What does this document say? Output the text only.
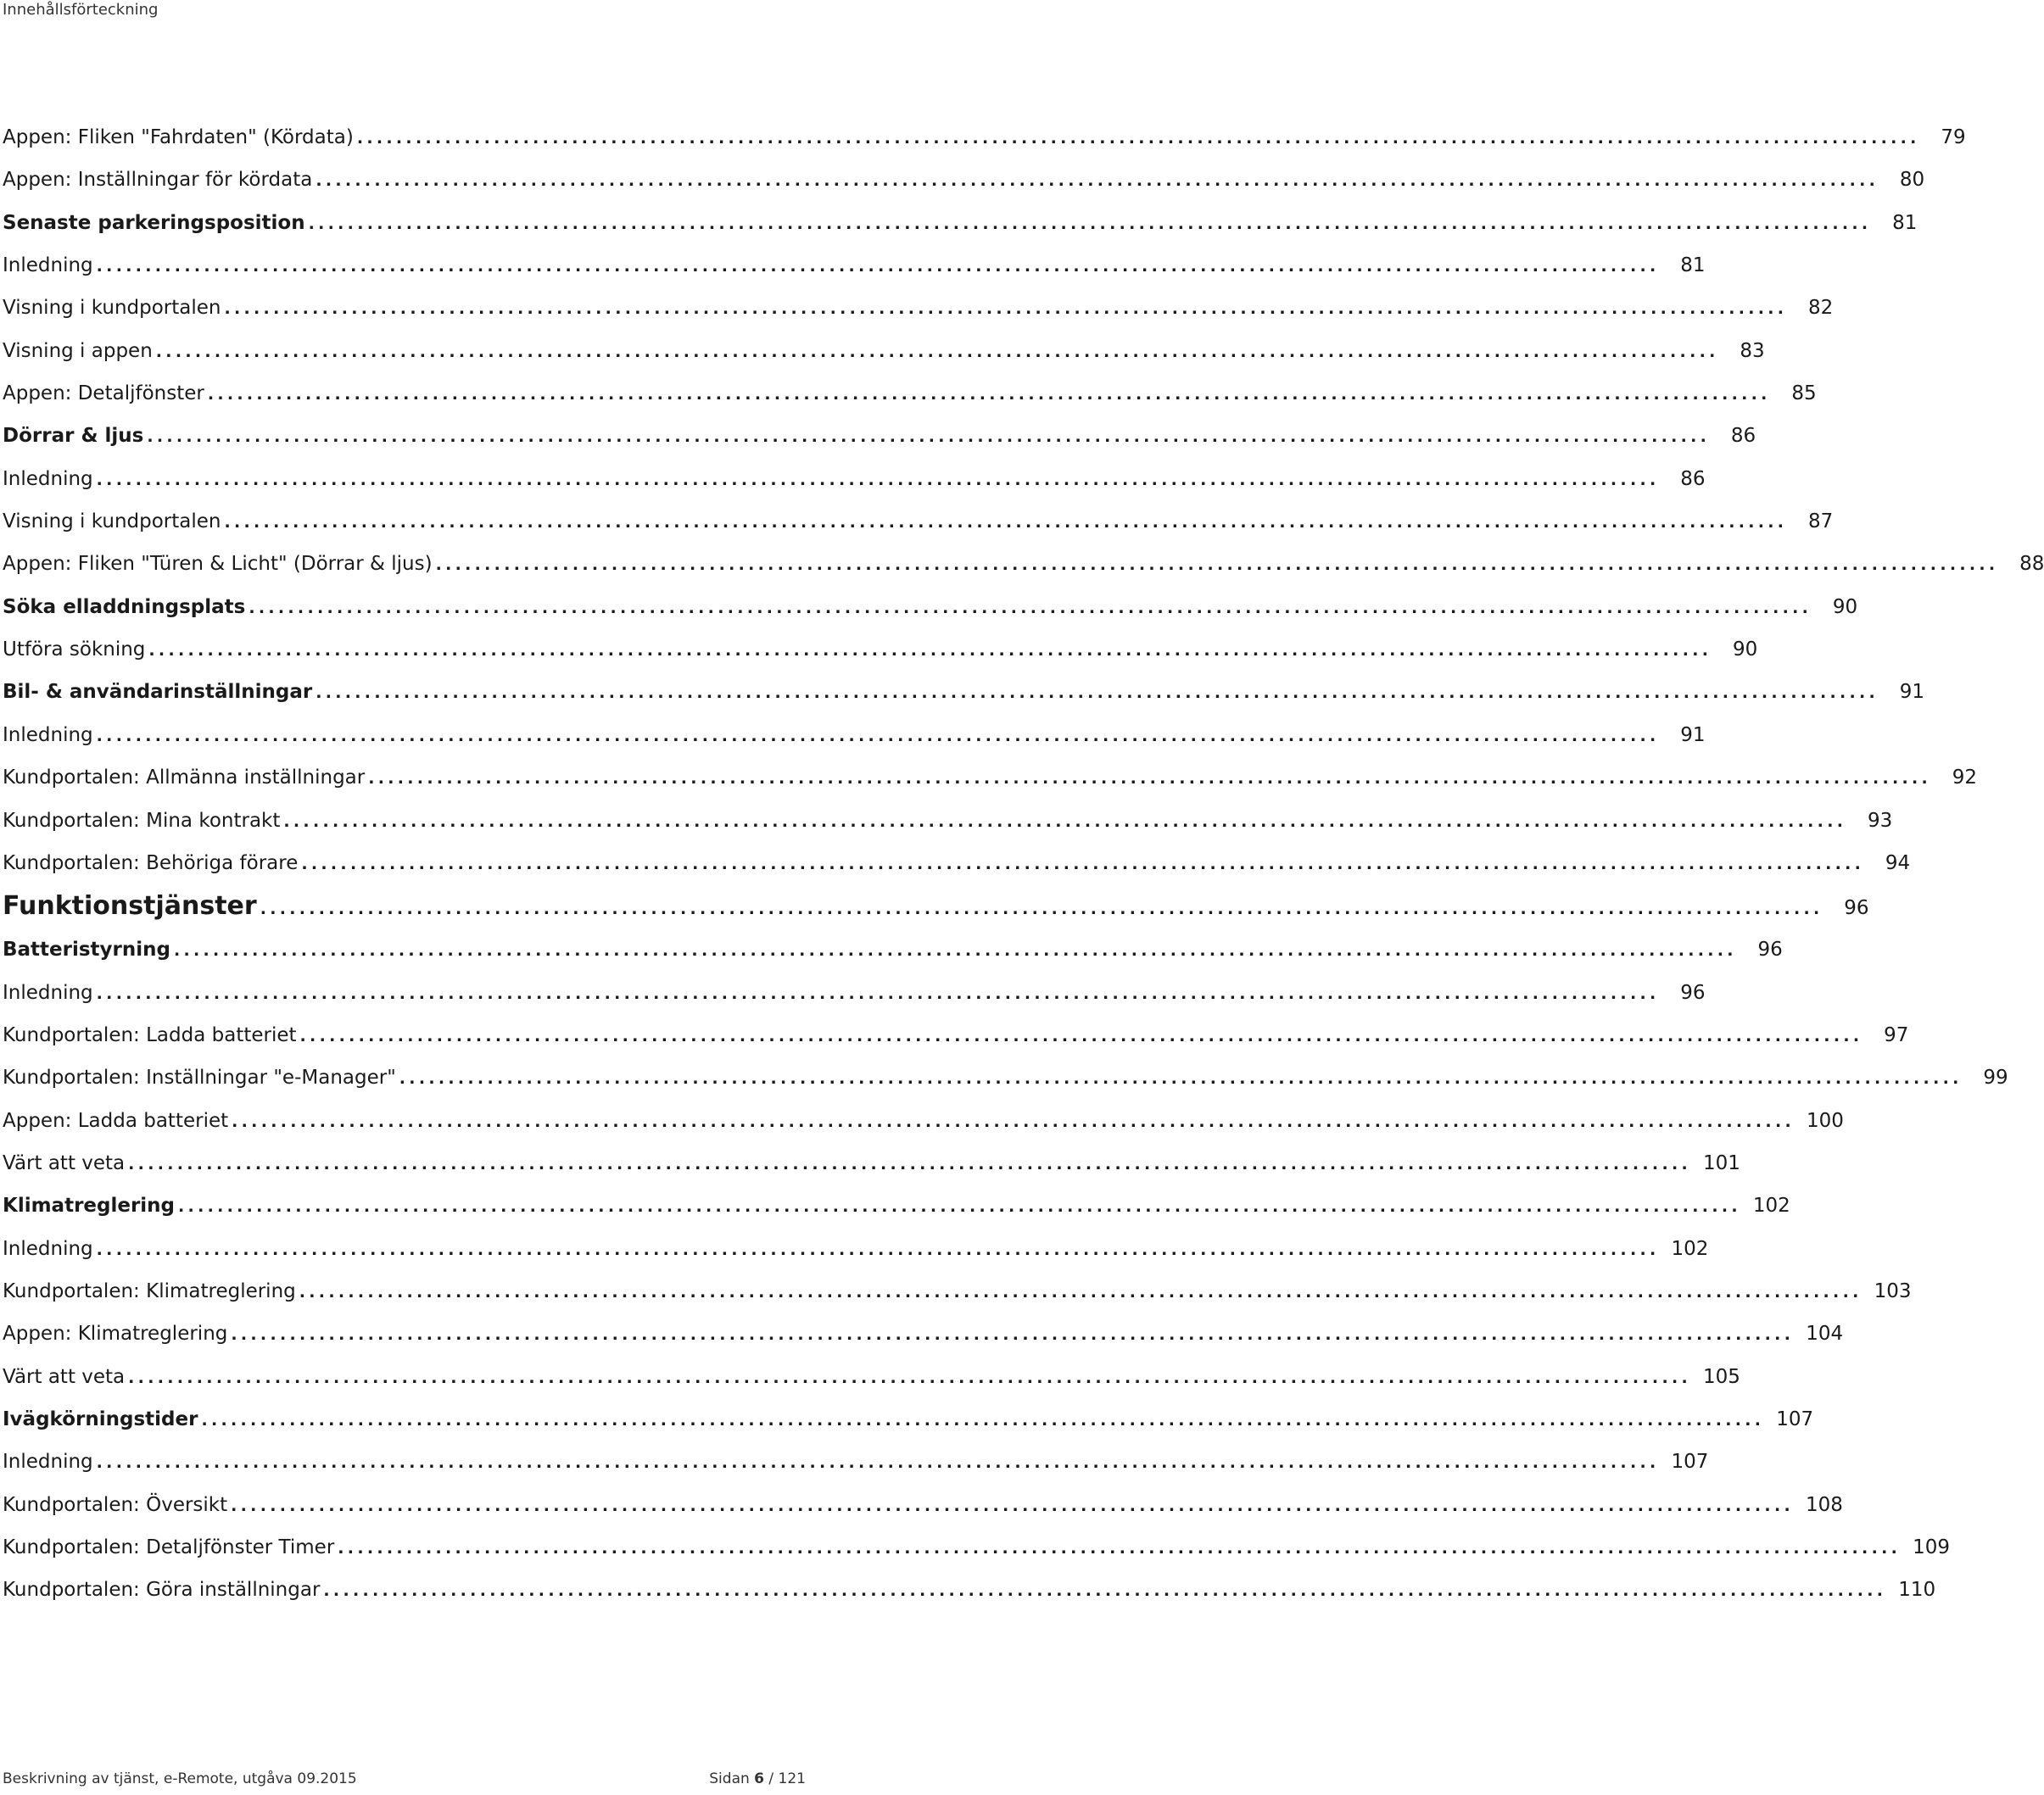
Innehållsförteckning
Appen: Fliken "Fahrdaten" (Kördata) ................................................................................................................................................................	79
Appen: Inställningar för kördata ................................................................................................................................................................	80
Senaste parkeringsposition ................................................................................................................................................................	81
Inledning ................................................................................................................................................................	81
Visning i kundportalen ................................................................................................................................................................	82
Visning i appen ................................................................................................................................................................	83
Appen: Detaljfönster ................................................................................................................................................................	85
Dörrar & ljus ................................................................................................................................................................	86
Inledning ................................................................................................................................................................	86
Visning i kundportalen ................................................................................................................................................................	87
Appen: Fliken "Türen & Licht" (Dörrar & ljus) ................................................................................................................................................................	88
Söka elladdningsplats ................................................................................................................................................................	90
Utföra sökning ................................................................................................................................................................	90
Bil- & användarinställningar ................................................................................................................................................................	91
Inledning ................................................................................................................................................................	91
Kundportalen: Allmänna inställningar ................................................................................................................................................................	92
Kundportalen: Mina kontrakt ................................................................................................................................................................	93
Kundportalen: Behöriga förare ................................................................................................................................................................	94
Funktionstjänster ................................................................................................................................................................	96
Batteristyrning ................................................................................................................................................................	96
Inledning ................................................................................................................................................................	96
Kundportalen: Ladda batteriet ................................................................................................................................................................	97
Kundportalen: Inställningar "e-Manager" ................................................................................................................................................................	99
Appen: Ladda batteriet ................................................................................................................................................................ 100
Värt att veta ................................................................................................................................................................ 101
Klimatreglering ................................................................................................................................................................ 102
Inledning ................................................................................................................................................................ 102
Kundportalen: Klimatreglering ................................................................................................................................................................ 103
Appen: Klimatreglering ................................................................................................................................................................ 104
Värt att veta ................................................................................................................................................................ 105
Ivägkörningstider ................................................................................................................................................................ 107
Inledning ................................................................................................................................................................ 107
Kundportalen: Översikt ................................................................................................................................................................ 108
Kundportalen: Detaljfönster Timer ................................................................................................................................................................ 109
Kundportalen: Göra inställningar ................................................................................................................................................................ 110
Beskrivning av tjänst, e-Remote, utgåva 09.2015	Sidan 6 / 121
